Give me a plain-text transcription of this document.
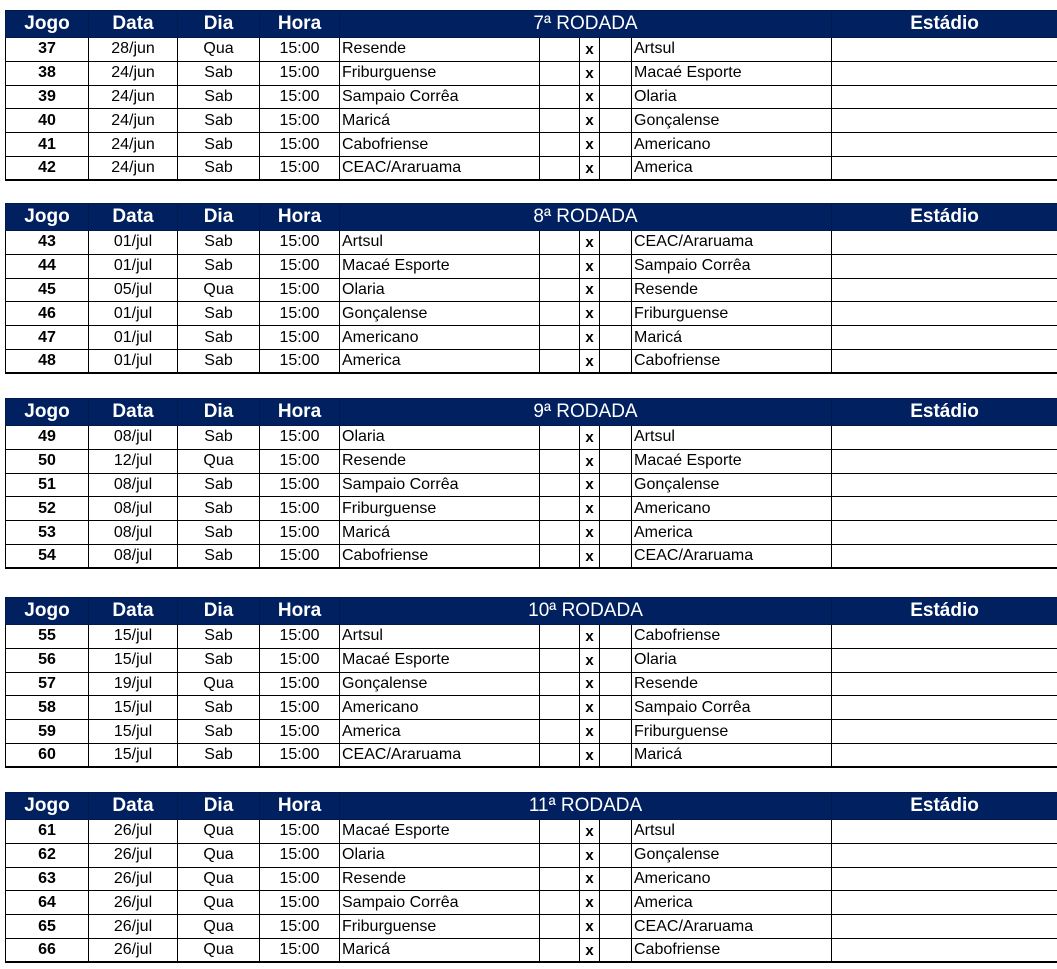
Jogo	Data	Dia	Hora	7ª RODADA					Estádio
37	28/jun	Qua	15:00	Resende		x		Artsul	
38	24/jun	Sab	15:00	Friburguense		x		Macaé Esporte	
39	24/jun	Sab	15:00	Sampaio Corrêa		x		Olaria	
40	24/jun	Sab	15:00	Maricá		x		Gonçalense	
41	24/jun	Sab	15:00	Cabofriense		x		Americano	
42	24/jun	Sab	15:00	CEAC/Araruama		x		America	
Jogo	Data	Dia	Hora	8ª RODADA					Estádio
43	01/jul	Sab	15:00	Artsul		x		CEAC/Araruama	
44	01/jul	Sab	15:00	Macaé Esporte		x		Sampaio Corrêa	
45	05/jul	Qua	15:00	Olaria		x		Resende	
46	01/jul	Sab	15:00	Gonçalense		x		Friburguense	
47	01/jul	Sab	15:00	Americano		x		Maricá	
48	01/jul	Sab	15:00	America		x		Cabofriense	
Jogo	Data	Dia	Hora	9ª RODADA					Estádio
49	08/jul	Sab	15:00	Olaria		x		Artsul	
50	12/jul	Qua	15:00	Resende		x		Macaé Esporte	
51	08/jul	Sab	15:00	Sampaio Corrêa		x		Gonçalense	
52	08/jul	Sab	15:00	Friburguense		x		Americano	
53	08/jul	Sab	15:00	Maricá		x		America	
54	08/jul	Sab	15:00	Cabofriense		x		CEAC/Araruama	
Jogo	Data	Dia	Hora	10ª RODADA					Estádio
55	15/jul	Sab	15:00	Artsul		x		Cabofriense	
56	15/jul	Sab	15:00	Macaé Esporte		x		Olaria	
57	19/jul	Qua	15:00	Gonçalense		x		Resende	
58	15/jul	Sab	15:00	Americano		x		Sampaio Corrêa	
59	15/jul	Sab	15:00	America		x		Friburguense	
60	15/jul	Sab	15:00	CEAC/Araruama		x		Maricá	
Jogo	Data	Dia	Hora	11ª RODADA					Estádio
61	26/jul	Qua	15:00	Macaé Esporte		x		Artsul	
62	26/jul	Qua	15:00	Olaria		x		Gonçalense	
63	26/jul	Qua	15:00	Resende		x		Americano	
64	26/jul	Qua	15:00	Sampaio Corrêa		x		America	
65	26/jul	Qua	15:00	Friburguense		x		CEAC/Araruama	
66	26/jul	Qua	15:00	Maricá		x		Cabofriense	
